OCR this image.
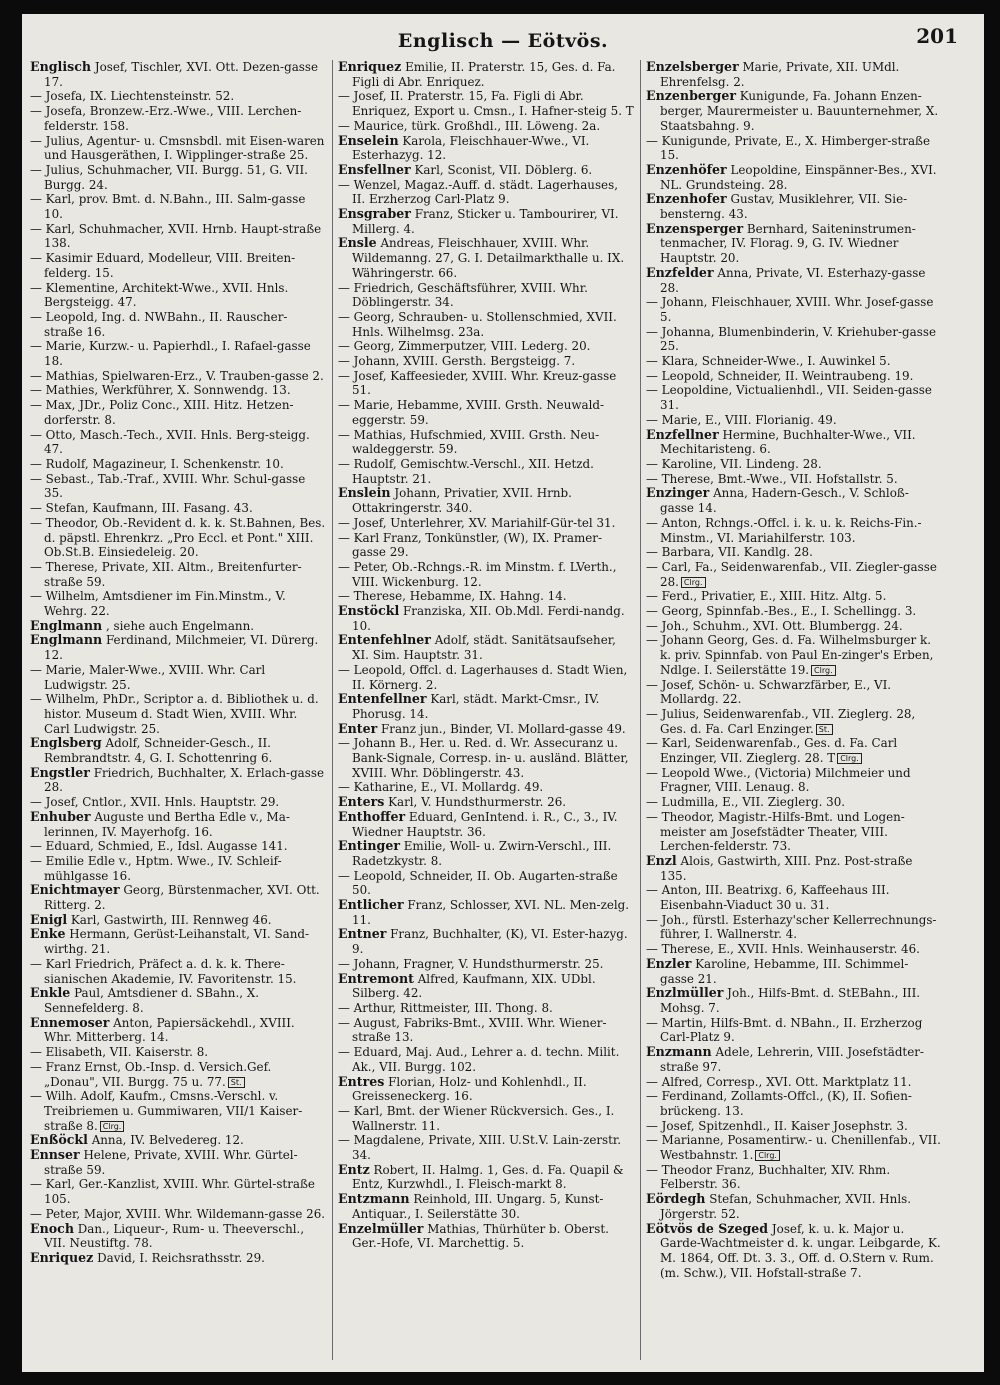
Englisch — Eötvös.	201
Englisch Josef, Tischler, XVI. Ott. Dezen-gasse 17.
— Josefa, IX. Liechtensteinstr. 52.
— Josefa, Bronzew.-Erz.-Wwe., VIII. Lerchen-felderstr. 158.
— Julius, Agentur- u. Cmsnsbdl. mit Eisen-waren und Hausgeräthen, I. Wipplinger-straße 25.
— Julius, Schuhmacher, VII. Burgg. 51, G. VII. Burgg. 24.
— Karl, prov. Bmt. d. N.Bahn., III. Salm-gasse 10.
— Karl, Schuhmacher, XVII. Hrnb. Haupt-straße 138.
— Kasimir Eduard, Modelleur, VIII. Breiten-felderg. 15.
— Klementine, Architekt-Wwe., XVII. Hnls. Bergsteigg. 47.
— Leopold, Ing. d. NWBahn., II. Rauscher-straße 16.
— Marie, Kurzw.- u. Papierhdl., I. Rafael-gasse 18.
— Mathias, Spielwaren-Erz., V. Trauben-gasse 2.
— Mathies, Werkführer, X. Sonnwendg. 13.
— Max, JDr., Poliz Conc., XIII. Hitz. Hetzen-dorferstr. 8.
— Otto, Masch.-Tech., XVII. Hnls. Berg-steigg. 47.
— Rudolf, Magazineur, I. Schenkenstr. 10.
— Sebast., Tab.-Traf., XVIII. Whr. Schul-gasse 35.
— Stefan, Kaufmann, III. Fasang. 43.
— Theodor, Ob.-Revident d. k. k. St.Bahnen, Bes. d. päpstl. Ehrenkrz. „Pro Eccl. et Pont." XIII. Ob.St.B. Einsiedeleig. 20.
— Therese, Private, XII. Altm., Breitenfurter-straße 59.
— Wilhelm, Amtsdiener im Fin.Minstm., V. Wehrg. 22.
Englmann , siehe auch Engelmann.
Englmann Ferdinand, Milchmeier, VI. Dürerg. 12.
— Marie, Maler-Wwe., XVIII. Whr. Carl Ludwigstr. 25.
— Wilhelm, PhDr., Scriptor a. d. Bibliothek u. d. histor. Museum d. Stadt Wien, XVIII. Whr. Carl Ludwigstr. 25.
Englsberg Adolf, Schneider-Gesch., II. Rembrandtstr. 4, G. I. Schottenring 6.
Engstler Friedrich, Buchhalter, X. Erlach-gasse 28.
— Josef, Cntlor., XVII. Hnls. Hauptstr. 29.
Enhuber Auguste und Bertha Edle v., Ma-lerinnen, IV. Mayerhofg. 16.
— Eduard, Schmied, E., Idsl. Augasse 141.
— Emilie Edle v., Hptm. Wwe., IV. Schleif-mühlgasse 16.
Enichtmayer Georg, Bürstenmacher, XVI. Ott. Ritterg. 2.
Enigl Karl, Gastwirth, III. Rennweg 46.
Enke Hermann, Gerüst-Leihanstalt, VI. Sand-wirthg. 21.
— Karl Friedrich, Präfect a. d. k. k. There-sianischen Akademie, IV. Favoritenstr. 15.
Enkle Paul, Amtsdiener d. SBahn., X. Sennefelderg. 8.
Ennemoser Anton, Papiersäckehdl., XVIII. Whr. Mitterberg. 14.
— Elisabeth, VII. Kaiserstr. 8.
— Franz Ernst, Ob.-Insp. d. Versich.Gef. „Donau", VII. Burgg. 75 u. 77. St.
— Wilh. Adolf, Kaufm., Cmsns.-Verschl. v. Treibriemen u. Gummiwaren, VII/1 Kaiser-straße 8. Clrg.
Enßöckl Anna, IV. Belvedereg. 12.
Ennser Helene, Private, XVIII. Whr. Gürtel-straße 59.
— Karl, Ger.-Kanzlist, XVIII. Whr. Gürtel-straße 105.
— Peter, Major, XVIII. Whr. Wildemann-gasse 26.
Enoch Dan., Liqueur-, Rum- u. Theeverschl., VII. Neustiftg. 78.
Enriquez David, I. Reichsrathsstr. 29.
Enriquez Emilie, II. Praterstr. 15, Ges. d. Fa. Figli di Abr. Enriquez.
— Josef, II. Praterstr. 15, Fa. Figli di Abr. Enriquez, Export u. Cmsn., I. Hafner-steig 5. T
— Maurice, türk. Großhdl., III. Löweng. 2a.
Enselein Karola, Fleischhauer-Wwe., VI. Esterhazyg. 12.
Ensfellner Karl, Sconist, VII. Döblerg. 6.
— Wenzel, Magaz.-Auff. d. städt. Lagerhauses, II. Erzherzog Carl-Platz 9.
Ensgraber Franz, Sticker u. Tambourirer, VI. Millerg. 4.
Ensle Andreas, Fleischhauer, XVIII. Whr. Wildemanng. 27, G. I. Detailmarkthalle u. IX. Währingerstr. 66.
— Friedrich, Geschäftsführer, XVIII. Whr. Döblingerstr. 34.
— Georg, Schrauben- u. Stollenschmied, XVII. Hnls. Wilhelmsg. 23a.
— Georg, Zimmerputzer, VIII. Lederg. 20.
— Johann, XVIII. Gersth. Bergsteigg. 7.
— Josef, Kaffeesieder, XVIII. Whr. Kreuz-gasse 51.
— Marie, Hebamme, XVIII. Grsth. Neuwald-eggerstr. 59.
— Mathias, Hufschmied, XVIII. Grsth. Neu-waldeggerstr. 59.
— Rudolf, Gemischtw.-Verschl., XII. Hetzd. Hauptstr. 21.
Enslein Johann, Privatier, XVII. Hrnb. Ottakringerstr. 340.
— Josef, Unterlehrer, XV. Mariahilf-Gür-tel 31.
— Karl Franz, Tonkünstler, (W), IX. Pramer-gasse 29.
— Peter, Ob.-Rchngs.-R. im Minstm. f. LVerth., VIII. Wickenburg. 12.
— Therese, Hebamme, IX. Hahng. 14.
Enstöckl Franziska, XII. Ob.Mdl. Ferdi-nandg. 10.
Entenfehlner Adolf, städt. Sanitätsaufseher, XI. Sim. Hauptstr. 31.
— Leopold, Offcl. d. Lagerhauses d. Stadt Wien, II. Körnerg. 2.
Entenfellner Karl, städt. Markt-Cmsr., IV. Phorusg. 14.
Enter Franz jun., Binder, VI. Mollard-gasse 49.
— Johann B., Her. u. Red. d. Wr. Assecuranz u. Bank-Signale, Corresp. in- u. ausländ. Blätter, XVIII. Whr. Döblingerstr. 43.
— Katharine, E., VI. Mollardg. 49.
Enters Karl, V. Hundsthurmerstr. 26.
Enthoffer Eduard, GenIntend. i. R., C., 3., IV. Wiedner Hauptstr. 36.
Entinger Emilie, Woll- u. Zwirn-Verschl., III. Radetzkystr. 8.
— Leopold, Schneider, II. Ob. Augarten-straße 50.
Entlicher Franz, Schlosser, XVI. NL. Men-zelg. 11.
Entner Franz, Buchhalter, (K), VI. Ester-hazyg. 9.
— Johann, Fragner, V. Hundsthurmerstr. 25.
Entremont Alfred, Kaufmann, XIX. UDbl. Silberg. 42.
— Arthur, Rittmeister, III. Thong. 8.
— August, Fabriks-Bmt., XVIII. Whr. Wiener-straße 13.
— Eduard, Maj. Aud., Lehrer a. d. techn. Milit. Ak., VII. Burgg. 102.
Entres Florian, Holz- und Kohlenhdl., II. Greisseneckerg. 16.
— Karl, Bmt. der Wiener Rückversich. Ges., I. Wallnerstr. 11.
— Magdalene, Private, XIII. U.St.V. Lain-zerstr. 34.
Entz Robert, II. Halmg. 1, Ges. d. Fa. Quapil & Entz, Kurzwhdl., I. Fleisch-markt 8.
Entzmann Reinhold, III. Ungarg. 5, Kunst-Antiquar., I. Seilerstätte 30.
Enzelmüller Mathias, Thürhüter b. Oberst. Ger.-Hofe, VI. Marchettig. 5.
Enzelsberger Marie, Private, XII. UMdl. Ehrenfelsg. 2.
Enzenberger Kunigunde, Fa. Johann Enzen-berger, Maurermeister u. Bauunternehmer, X. Staatsbahng. 9.
— Kunigunde, Private, E., X. Himberger-straße 15.
Enzenhöfer Leopoldine, Einspänner-Bes., XVI. NL. Grundsteing. 28.
Enzenhofer Gustav, Musiklehrer, VII. Sie-bensterng. 43.
Enzensperger Bernhard, Saiteninstrumen-tenmacher, IV. Florag. 9, G. IV. Wiedner Hauptstr. 20.
Enzfelder Anna, Private, VI. Esterhazy-gasse 28.
— Johann, Fleischhauer, XVIII. Whr. Josef-gasse 5.
— Johanna, Blumenbinderin, V. Kriehuber-gasse 25.
— Klara, Schneider-Wwe., I. Auwinkel 5.
— Leopold, Schneider, II. Weintraubeng. 19.
— Leopoldine, Victualienhdl., VII. Seiden-gasse 31.
— Marie, E., VIII. Florianig. 49.
Enzfellner Hermine, Buchhalter-Wwe., VII. Mechitaristeng. 6.
— Karoline, VII. Lindeng. 28.
— Therese, Bmt.-Wwe., VII. Hofstallstr. 5.
Enzinger Anna, Hadern-Gesch., V. Schloß-gasse 14.
— Anton, Rchngs.-Offcl. i. k. u. k. Reichs-Fin.-Minstm., VI. Mariahilferstr. 103.
— Barbara, VII. Kandlg. 28.
— Carl, Fa., Seidenwarenfab., VII. Ziegler-gasse 28. Clrg.
— Ferd., Privatier, E., XIII. Hitz. Altg. 5.
— Georg, Spinnfab.-Bes., E., I. Schellingg. 3.
— Joh., Schuhm., XVI. Ott. Blumbergg. 24.
— Johann Georg, Ges. d. Fa. Wilhelmsburger k. k. priv. Spinnfab. von Paul En-zinger's Erben, Ndlge. I. Seilerstätte 19. Clrg.
— Josef, Schön- u. Schwarzfärber, E., VI. Mollardg. 22.
— Julius, Seidenwarenfab., VII. Zieglerg. 28, Ges. d. Fa. Carl Enzinger. St.
— Karl, Seidenwarenfab., Ges. d. Fa. Carl Enzinger, VII. Zieglerg. 28. T Clrg.
— Leopold Wwe., (Victoria) Milchmeier und Fragner, VIII. Lenaug. 8.
— Ludmilla, E., VII. Zieglerg. 30.
— Theodor, Magistr.-Hilfs-Bmt. und Logen-meister am Josefstädter Theater, VIII. Lerchen-felderstr. 73.
Enzl Alois, Gastwirth, XIII. Pnz. Post-straße 135.
— Anton, III. Beatrixg. 6, Kaffeehaus III. Eisenbahn-Viaduct 30 u. 31.
— Joh., fürstl. Esterhazy'scher Kellerrechnungs-führer, I. Wallnerstr. 4.
— Therese, E., XVII. Hnls. Weinhauserstr. 46.
Enzler Karoline, Hebamme, III. Schimmel-gasse 21.
Enzlmüller Joh., Hilfs-Bmt. d. StEBahn., III. Mohsg. 7.
— Martin, Hilfs-Bmt. d. NBahn., II. Erzherzog Carl-Platz 9.
Enzmann Adele, Lehrerin, VIII. Josefstädter-straße 97.
— Alfred, Corresp., XVI. Ott. Marktplatz 11.
— Ferdinand, Zollamts-Offcl., (K), II. Sofien-brückeng. 13.
— Josef, Spitzenhdl., II. Kaiser Josephstr. 3.
— Marianne, Posamentirw.- u. Chenillenfab., VII. Westbahnstr. 1. Clrg.
— Theodor Franz, Buchhalter, XIV. Rhm. Felberstr. 36.
Eördegh Stefan, Schuhmacher, XVII. Hnls. Jörgerstr. 52.
Eötvös de Szeged Josef, k. u. k. Major u. Garde-Wachtmeister d. k. ungar. Leibgarde, K. M. 1864, Off. Dt. 3. 3., Off. d. O.Stern v. Rum. (m. Schw.), VII. Hofstall-straße 7.
